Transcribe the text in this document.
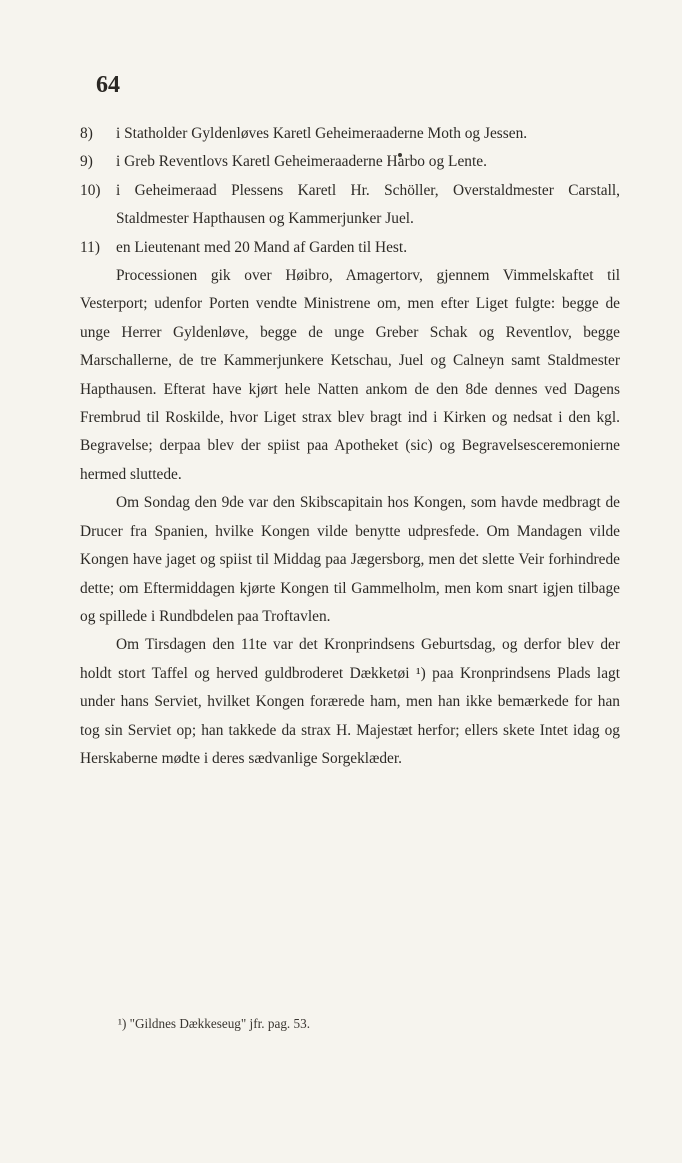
64
8)	i Statholder Gyldenløves Karetl Geheimeraaderne Moth og Jessen.
9)	i Greb Reventlovs Karetl Geheimeraaderne Harbo og Lente.
10)	i Geheimeraad Plessens Karetl Hr. Schöller, Overstaldmester Carstall, Staldmester Hapthausen og Kammerjunker Juel.
11)	en Lieutenant med 20 Mand af Garden til Hest.
Processionen gik over Høibro, Amagertorv, gjennem Vimmelskaftet til Vesterport; udenfor Porten vendte Ministrene om, men efter Liget fulgte: begge de unge Herrer Gyldenløve, begge de unge Greber Schak og Reventlov, begge Marschallerne, de tre Kammerjunkere Ketschau, Juel og Calneyn samt Staldmester Hapthausen. Efterat have kjørt hele Natten ankom de den 8de dennes ved Dagens Frembrud til Roskilde, hvor Liget strax blev bragt ind i Kirken og nedsat i den kgl. Begravelse; derpaa blev der spiist paa Apotheket (sic) og Begravelsesceremonierne hermed sluttede.
Om Sondag den 9de var den Skibscapitain hos Kongen, som havde medbragt de Drucer fra Spanien, hvilke Kongen vilde benytte udpresfede. Om Mandagen vilde Kongen have jaget og spiist til Middag paa Jægersborg, men det slette Veir forhindrede dette; om Eftermiddagen kjørte Kongen til Gammelholm, men kom snart igjen tilbage og spillede i Rundbdelen paa Troftavlen.
Om Tirsdagen den 11te var det Kronprindsens Geburtsdag, og derfor blev der holdt stort Taffel og herved guldbroderet Dækketøi ¹) paa Kronprindsens Plads lagt under hans Serviet, hvilket Kongen forærede ham, men han ikke bemærkede for han tog sin Serviet op; han takkede da strax H. Majestæt herfor; ellers skete Intet idag og Herskaberne mødte i deres sædvanlige Sorgeklæder.
¹) "Gildnes Dækkeseug" jfr. pag. 53.
